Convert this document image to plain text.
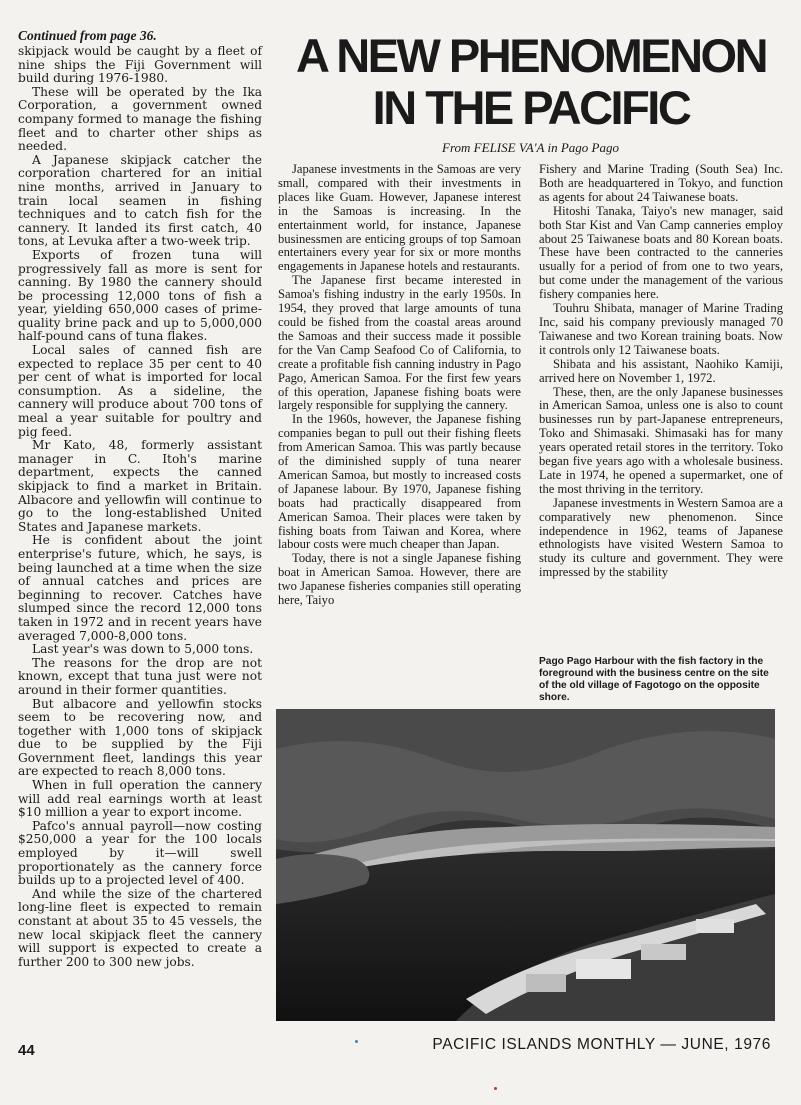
Continued from page 36.

skipjack would be caught by a fleet of nine ships the Fiji Government will build during 1976-1980.

These will be operated by the Ika Corporation, a government owned company formed to manage the fishing fleet and to charter other ships as needed.

A Japanese skipjack catcher the corporation chartered for an initial nine months, arrived in January to train local seamen in fishing techniques and to catch fish for the cannery. It landed its first catch, 40 tons, at Levuka after a two-week trip.

Exports of frozen tuna will progressively fall as more is sent for canning. By 1980 the cannery should be processing 12,000 tons of fish a year, yielding 650,000 cases of prime-quality brine pack and up to 5,000,000 half-pound cans of tuna flakes.

Local sales of canned fish are expected to replace 35 per cent to 40 per cent of what is imported for local consumption. As a sideline, the cannery will produce about 700 tons of meal a year suitable for poultry and pig feed.

Mr Kato, 48, formerly assistant manager in C. Itoh's marine department, expects the canned skipjack to find a market in Britain. Albacore and yellowfin will continue to go to the long-established United States and Japanese markets.

He is confident about the joint enterprise's future, which, he says, is being launched at a time when the size of annual catches and prices are beginning to recover. Catches have slumped since the record 12,000 tons taken in 1972 and in recent years have averaged 7,000-8,000 tons.

Last year's was down to 5,000 tons.

The reasons for the drop are not known, except that tuna just were not around in their former quantities.

But albacore and yellowfin stocks seem to be recovering now, and together with 1,000 tons of skipjack due to be supplied by the Fiji Government fleet, landings this year are expected to reach 8,000 tons.

When in full operation the cannery will add real earnings worth at least $10 million a year to export income.

Pafco's annual payroll—now costing $250,000 a year for the 100 locals employed by it—will swell proportionately as the cannery force builds up to a projected level of 400.

And while the size of the chartered long-line fleet is expected to remain constant at about 35 to 45 vessels, the new local skipjack fleet the cannery will support is expected to create a further 200 to 300 new jobs.

A NEW PHENOMENON
IN THE PACIFIC

From FELISE VA'A in Pago Pago

Japanese investments in the Samoas are very small, compared with their investments in places like Guam. However, Japanese interest in the Samoas is increasing. In the entertainment world, for instance, Japanese businessmen are enticing groups of top Samoan entertainers every year for six or more months engagements in Japanese hotels and restaurants.

The Japanese first became interested in Samoa's fishing industry in the early 1950s. In 1954, they proved that large amounts of tuna could be fished from the coastal areas around the Samoas and their success made it possible for the Van Camp Seafood Co of California, to create a profitable fish canning industry in Pago Pago, American Samoa. For the first few years of this operation, Japanese fishing boats were largely responsible for supplying the cannery.

In the 1960s, however, the Japanese fishing companies began to pull out their fishing fleets from American Samoa. This was partly because of the diminished supply of tuna nearer American Samoa, but mostly to increased costs of Japanese labour. By 1970, Japanese fishing boats had practically disappeared from American Samoa. Their places were taken by fishing boats from Taiwan and Korea, where labour costs were much cheaper than Japan.

Today, there is not a single Japanese fishing boat in American Samoa. However, there are two Japanese fisheries companies still operating here, Taiyo

Fishery and Marine Trading (South Sea) Inc. Both are headquartered in Tokyo, and function as agents for about 24 Taiwanese boats.

Hitoshi Tanaka, Taiyo's new manager, said both Star Kist and Van Camp canneries employ about 25 Taiwanese boats and 80 Korean boats. These have been contracted to the canneries usually for a period of from one to two years, but come under the management of the various fishery companies here.

Touhru Shibata, manager of Marine Trading Inc, said his company previously managed 70 Taiwanese and two Korean training boats. Now it controls only 12 Taiwanese boats.

Shibata and his assistant, Naohiko Kamiji, arrived here on November 1, 1972.

These, then, are the only Japanese businesses in American Samoa, unless one is also to count businesses run by part-Japanese entrepreneurs, Toko and Shimasaki. Shimasaki has for many years operated retail stores in the territory. Toko began five years ago with a wholesale business. Late in 1974, he opened a supermarket, one of the most thriving in the territory.

Japanese investments in Western Samoa are a comparatively new phenomenon. Since independence in 1962, teams of Japanese ethnologists have visited Western Samoa to study its culture and government. They were impressed by the stability

Pago Pago Harbour with the fish factory in the foreground with the business centre on the site of the old village of Fagotogo on the opposite shore.

44	PACIFIC ISLANDS MONTHLY — JUNE, 1976
